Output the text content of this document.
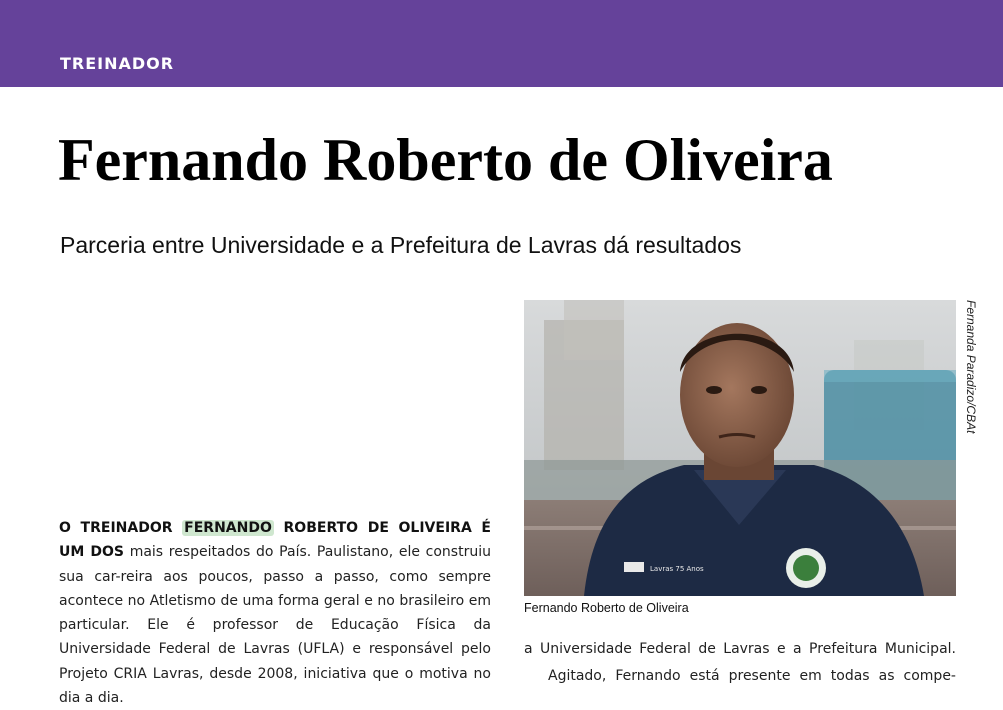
TREINADOR
Fernando Roberto de Oliveira

Parceria entre Universidade e a Prefeitura de Lavras dá resultados

O TREINADOR FERNANDO ROBERTO DE OLIVEIRA É UM DOS mais respeitados do País. Paulistano, ele construiu sua car-reira aos poucos, passo a passo, como sempre acontece no Atletismo de uma forma geral e no brasileiro em particular. Ele é professor de Educação Física da Universidade Federal de Lavras (UFLA) e responsável pelo Projeto CRIA Lavras, desde 2008, iniciativa que o motiva no dia a dia.
Lavras 75 Anos
Fernanda Paradizo/CBAt
Fernando Roberto de Oliveira

a Universidade Federal de Lavras e a Prefeitura Municipal.

Agitado, Fernando está presente em todas as compe-
